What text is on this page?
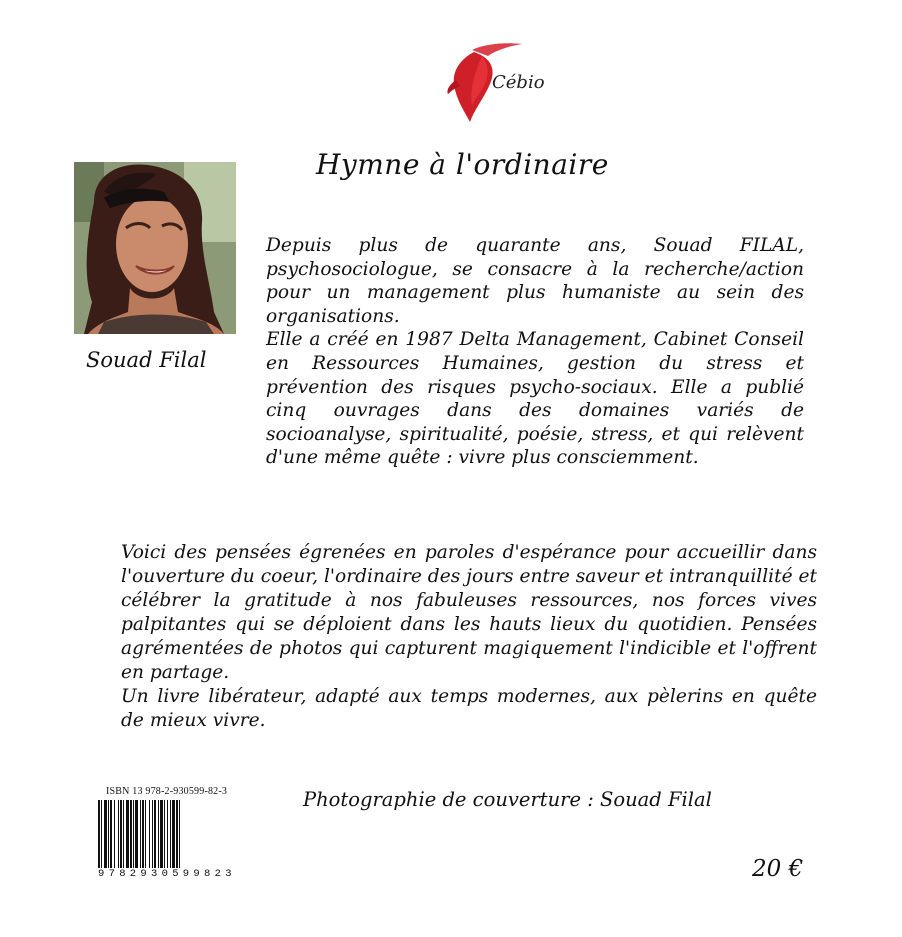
Cébio
Hymne à l'ordinaire
Souad Filal

Depuis plus de quarante ans, Souad FILAL, psychosociologue, se consacre à la recherche/action pour un management plus humaniste au sein des organisations.

Elle a créé en 1987 Delta Management, Cabinet Conseil en Ressources Humaines, gestion du stress et prévention des risques psycho-sociaux. Elle a publié cinq ouvrages dans des domaines variés de socioanalyse, spiritualité, poésie, stress, et qui relèvent d'une même quête : vivre plus consciemment.

Voici des pensées égrenées en paroles d'espérance pour accueillir dans l'ouverture du coeur, l'ordinaire des jours entre saveur et intranquillité et célébrer la gratitude à nos fabuleuses ressources, nos forces vives palpitantes qui se déploient dans les hauts lieux du quotidien. Pensées agrémentées de photos qui capturent magiquement l'indicible et l'offrent en partage.

Un livre libérateur, adapté aux temps modernes, aux pèlerins en quête de mieux vivre.

ISBN 13 978-2-930599-82-3
9782930599823
Photographie de couverture : Souad Filal
20 €
